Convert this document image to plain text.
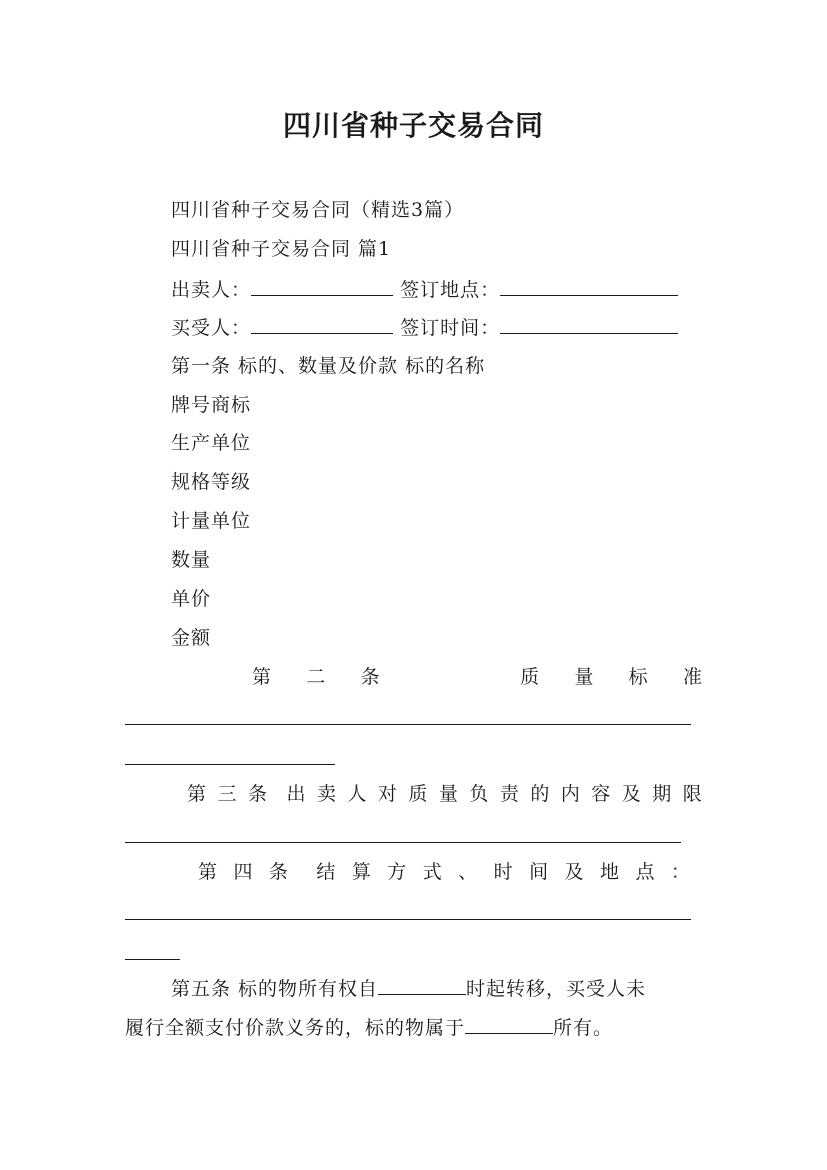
四川省种子交易合同
四川省种子交易合同（精选3篇）
四川省种子交易合同 篇1
出卖人：	签订地点：
买受人：	签订时间：
第一条 标的、数量及价款 标的名称
牌号商标
生产单位
规格等级
计量单位
数量
单价
金额
第 二 条	质 量 标 准
第 三 条 出 卖 人 对 质 量 负 责 的 内 容 及 期 限
第 四 条 结 算 方 式 、 时 间 及 地 点 ：
第五条 标的物所有权自	时起转移，买受人未
履行全额支付价款义务的，标的物属于	所有。
